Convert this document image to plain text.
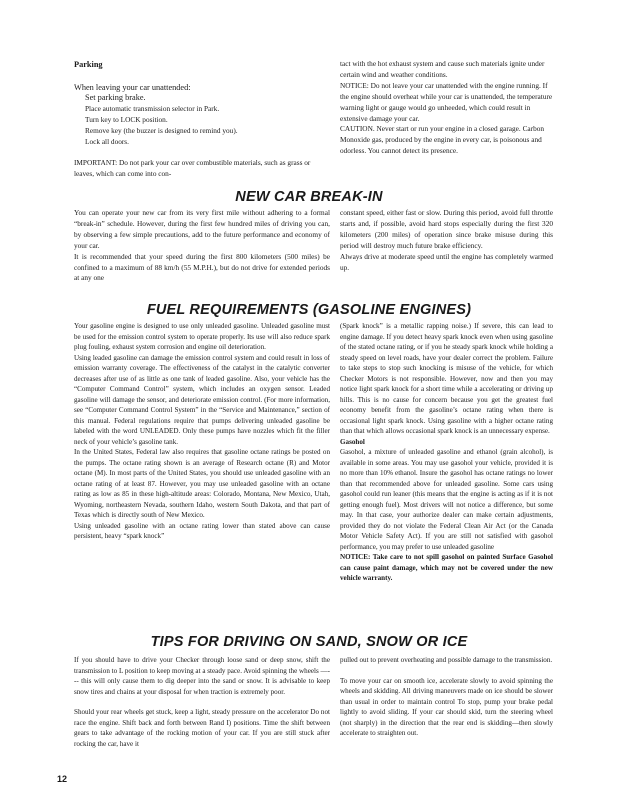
Parking

When leaving your car unattended:

Set parking brake.

Place automatic transmission selector in Park.

Turn key to LOCK position.

Remove key (the buzzer is designed to remind you).

Lock all doors.

IMPORTANT: Do not park your car over combustible materials, such as grass or leaves, which can come into con-

tact with the hot exhaust system and cause such materials ignite under certain wind and weather conditions.

NOTICE: Do not leave your car unattended with the engine running. If the engine should overheat while your car is unattended, the temperature warning light or gauge would go unheeded, which could result in extensive damage your car.

CAUTION. Never start or run your engine in a closed garage. Carbon Monoxide gas, produced by the engine in every car, is poisonous and odorless. You cannot detect its presence.

NEW CAR BREAK-IN

You can operate your new car from its very first mile without adhering to a formal “break-in” schedule. However, during the first few hundred miles of driving you can, by observing a few simple precautions, add to the future performance and economy of your car.

It is recommended that your speed during the first 800 kilometers (500 miles) be confined to a maximum of 88 km/h (55 M.P.H.), but do not drive for extended periods at any one

constant speed, either fast or slow. During this period, avoid full throttle starts and, if possible, avoid hard stops especially during the first 320 kilometers (200 miles) of operation since brake misuse during this period will destroy much future brake efficiency.

Always drive at moderate speed until the engine has completely warmed up.

FUEL REQUIREMENTS (GASOLINE ENGINES)

Your gasoline engine is designed to use only unleaded gasoline. Unleaded gasoline must be used for the emission control system to operate properly. Its use will also reduce spark plug fouling, exhaust system corrosion and engine oil deterioration.

Using leaded gasoline can damage the emission control system and could result in loss of emission warranty coverage. The effectiveness of the catalyst in the catalytic converter decreases after use of as little as one tank of leaded gasoline. Also, your vehicle has the “Computer Command Control” system, which includes an oxygen sensor. Leaded gasoline will damage the sensor, and deteriorate emission control. (For more information, see “Computer Command Control System” in the “Service and Maintenance,” section of this manual. Federal regulations require that pumps delivering unleaded gasoline be labeled with the word UNLEADED. Only these pumps have nozzles which fit the filler neck of your vehicle’s gasoline tank.

In the United States, Federal law also requires that gasoline octane ratings be posted on the pumps. The octane rating shown is an average of Research octane (R) and Motor octane (M). In most parts of the United States, you should use unleaded gasoline with an octane rating of at least 87. However, you may use unleaded gasoline with an octane rating as low as 85 in these high-altitude areas: Colorado, Montana, New Mexico, Utah, Wyoming, northeastern Nevada, southern Idaho, western South Dakota, and that part of Texas which is directly south of New Mexico.

Using unleaded gasoline with an octane rating lower than stated above can cause persistent, heavy “spark knock”

(Spark knock” is a metallic rapping noise.) If severe, this can lead to engine damage. If you detect heavy spark knock even when using gasoline of the stated octane rating, or if you he steady spark knock while holding a steady speed on level roads, have your dealer correct the problem. Failure to take steps to stop such knocking is misuse of the vehicle, for which Checker Motors is not responsible. However, now and then you may notice light spark knock for a short time while a accelerating or driving up hills. This is no cause for concern because you get the greatest fuel economy benefit from the gasoline’s octane rating when there is occasional light spark knock. Using gasoline with a higher octane rating than that which allows occasional spark knock is an unnecessary expense.

Gasohol

Gasohol, a mixture of unleaded gasoline and ethanol (grain alcohol), is available in some areas. You may use gasohol your vehicle, provided it is no more than 10% ethanol. Insure the gasohol has octane ratings no lower than that recommended above for unleaded gasoline. Some cars using gasohol could run leaner (this means that the engine is acting as if it is not getting enough fuel). Most drivers will not notice a difference, but some may. In that case, your authorize dealer can make certain adjustments, provided they do not violate the Federal Clean Air Act (or the Canada Motor Vehicle Safety Act). If you are still not satisfied with gasohol performance, you may prefer to use unleaded gasoline

NOTICE: Take care to not spill gasohol on painted Surface Gasohol can cause paint damage, which may not be covered under the new vehicle warranty.

TIPS FOR DRIVING ON SAND, SNOW OR ICE

If you should have to drive your Checker through loose sand or deep snow, shift the transmission to L position to keep moving at a steady pace. Avoid spinning the wheels —--- this will only cause them to dig deeper into the sand or snow. It is advisable to keep snow tires and chains at your disposal for when traction is extremely poor.

Should your rear wheels get stuck, keep a light, steady pressure on the accelerator Do not race the engine. Shift back and forth between Rand I) positions. Time the shift between gears to take advantage of the rocking motion of your car. If you are still stuck after rocking the car, have it

pulled out to prevent overheating and possible damage to the transmission.

To move your car on smooth ice, accelerate slowly to avoid spinning the wheels and skidding. All driving maneuvers made on ice should be slower than usual in order to maintain control To stop, pump your brake pedal lightly to avoid sliding. If your car should skid, turn the steering wheel (not sharply) in the direction that the rear end is skidding—then slowly accelerate to straighten out.

12
